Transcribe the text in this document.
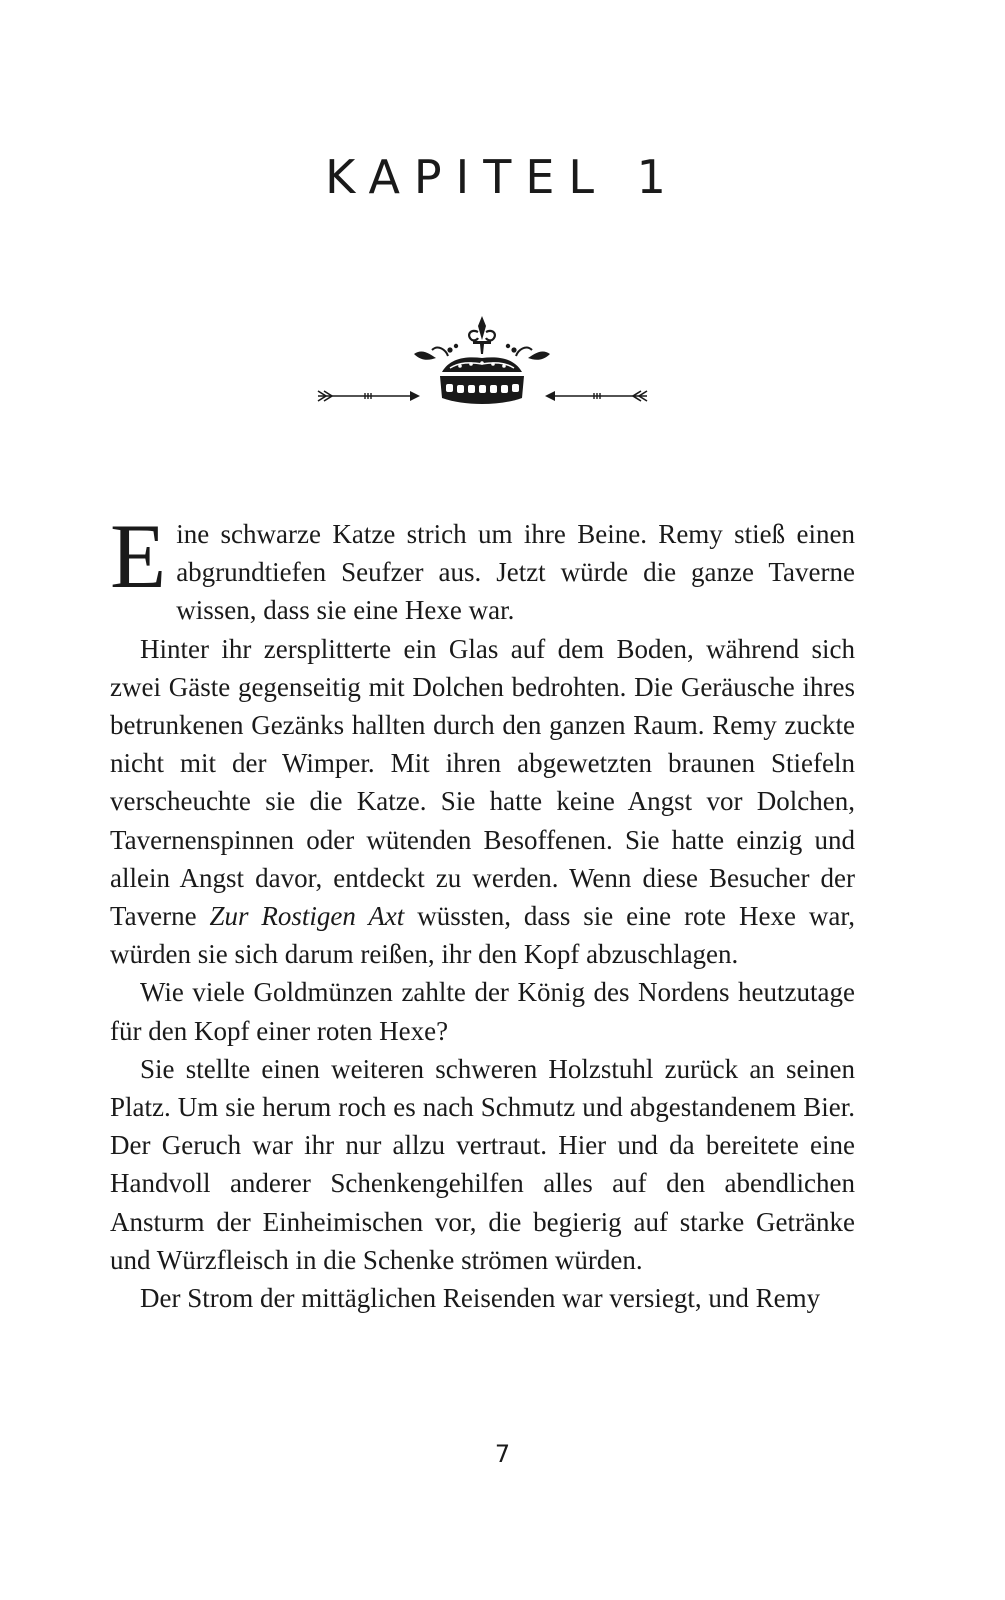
KAPITEL 1

Eine schwarze Katze strich um ihre Beine. Remy stieß einen abgrundtiefen Seufzer aus. Jetzt würde die ganze Taverne wissen, dass sie eine Hexe war.

Hinter ihr zersplitterte ein Glas auf dem Boden, während sich zwei Gäste gegenseitig mit Dolchen bedrohten. Die Geräusche ihres betrunkenen Gezänks hallten durch den ganzen Raum. Remy zuckte nicht mit der Wimper. Mit ihren abgewetzten braunen Stiefeln verscheuchte sie die Katze. Sie hatte keine Angst vor Dolchen, Tavernenspinnen oder wütenden Besoffenen. Sie hatte einzig und allein Angst davor, entdeckt zu werden. Wenn diese Besucher der Taverne Zur Rostigen Axt wüssten, dass sie eine rote Hexe war, würden sie sich darum reißen, ihr den Kopf abzuschlagen.

Wie viele Goldmünzen zahlte der König des Nordens heutzutage für den Kopf einer roten Hexe?

Sie stellte einen weiteren schweren Holzstuhl zurück an seinen Platz. Um sie herum roch es nach Schmutz und abgestandenem Bier. Der Geruch war ihr nur allzu vertraut. Hier und da bereitete eine Handvoll anderer Schenkengehilfen alles auf den abendlichen Ansturm der Einheimischen vor, die begierig auf starke Getränke und Würzfleisch in die Schenke strömen würden.

Der Strom der mittäglichen Reisenden war versiegt, und Remy

7
